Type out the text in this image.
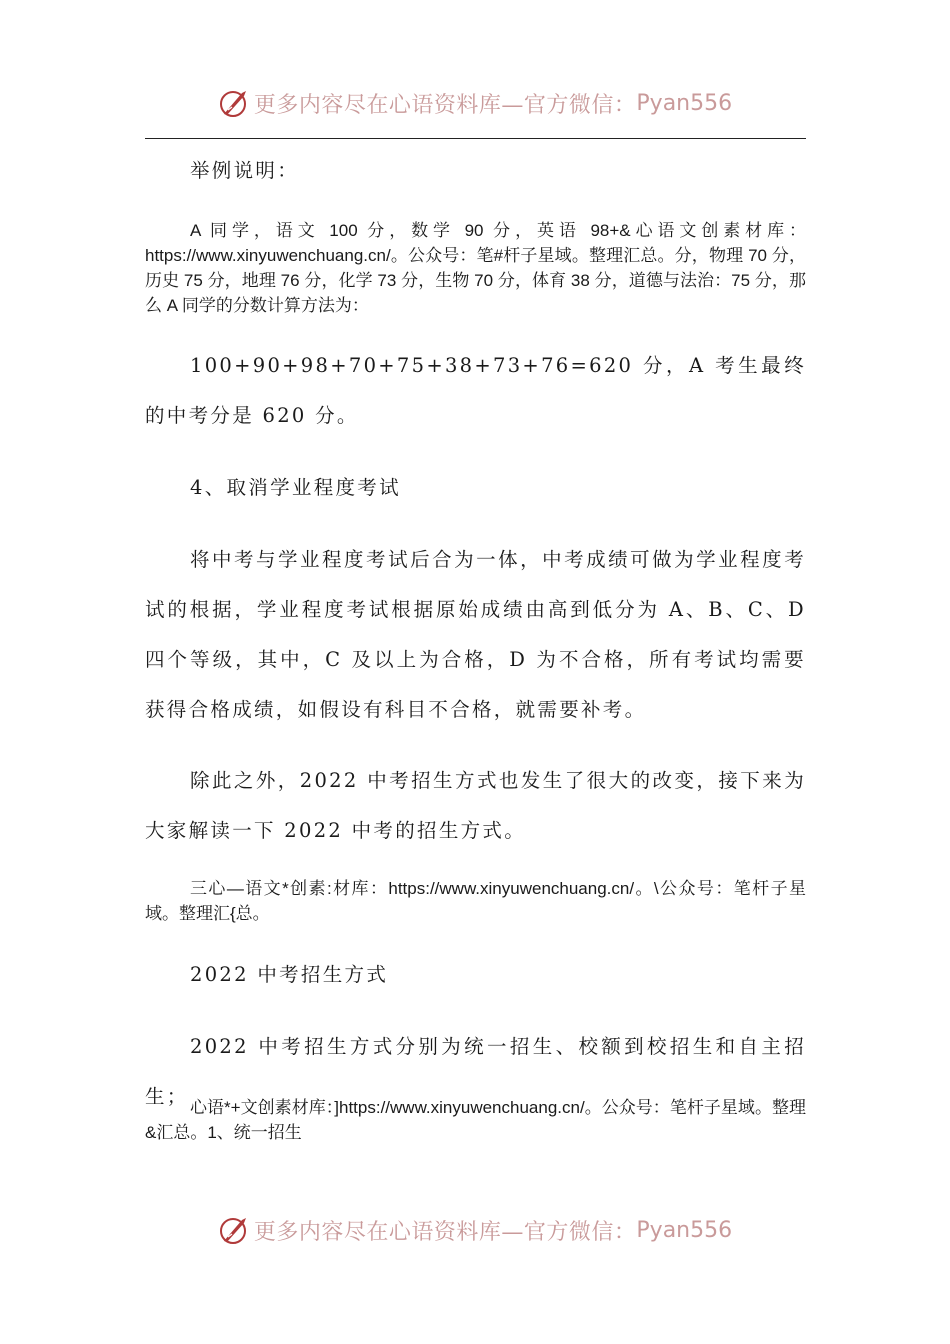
更多内容尽在心语资料库—官方微信： Pyan556

举例说明：

A 同学，语文 100 分，数学 90 分，英语 98+&心语文创素材库：https://www.xinyuwenchuang.cn/。公众号：笔#杆子星域。整理汇总。分，物理 70 分，历史 75 分，地理 76 分，化学 73 分，生物 70 分，体育 38 分，道德与法治：75 分，那么 A 同学的分数计算方法为：

100+90+98+70+75+38+73+76=620 分，A 考生最终的中考分是 620 分。

4、取消学业程度考试

将中考与学业程度考试后合为一体，中考成绩可做为学业程度考试的根据，学业程度考试根据原始成绩由高到低分为 A、B、C、D 四个等级，其中，C 及以上为合格，D 为不合格，所有考试均需要获得合格成绩，如假设有科目不合格，就需要补考。

除此之外，2022 中考招生方式也发生了很大的改变，接下来为大家解读一下 2022 中考的招生方式。

三心—语文*创素:材库：https://www.xinyuwenchuang.cn/。\公众号：笔杆子星域。整理汇{总。

2022 中考招生方式

2022 中考招生方式分别为统一招生、校额到校招生和自主招生； 心语*+文创素材库：]https://www.xinyuwenchuang.cn/。公众号：笔杆子星域。整理&汇总。1、统一招生

更多内容尽在心语资料库—官方微信： Pyan556
